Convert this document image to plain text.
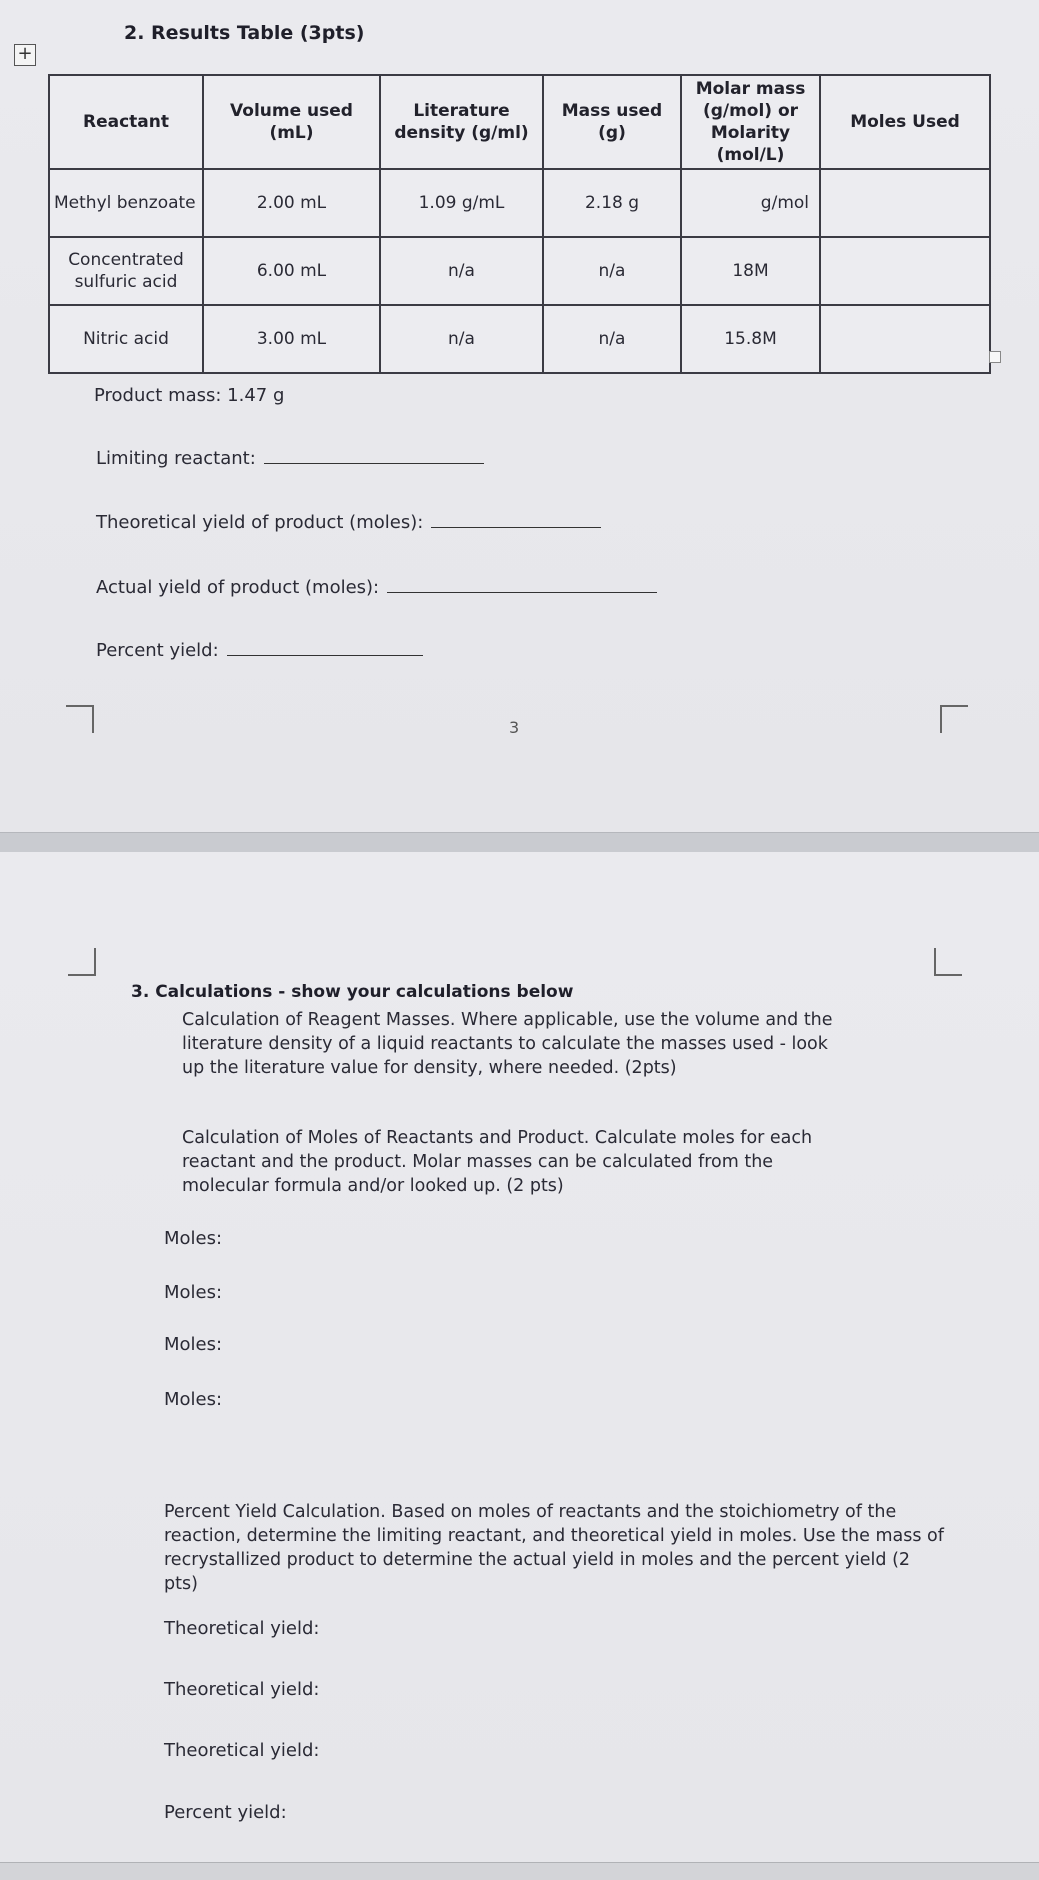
+
2. Results Table (3pts)
Reactant	Volume used (mL)	Literature density (g/ml)	Mass used (g)	Molar mass (g/mol) or Molarity (mol/L)	Moles Used
Methyl benzoate	2.00 mL	1.09 g/mL	2.18 g	g/mol	
Concentrated sulfuric acid	6.00 mL	n/a	n/a	18M	
Nitric acid	3.00 mL	n/a	n/a	15.8M	
Product mass: 1.47 g
Limiting reactant:
Theoretical yield of product (moles):
Actual yield of product (moles):
Percent yield:
3
3. Calculations - show your calculations below
Calculation of Reagent Masses. Where applicable, use the volume and the literature density of a liquid reactants to calculate the masses used - look up the literature value for density, where needed. (2pts)
Calculation of Moles of Reactants and Product. Calculate moles for each reactant and the product. Molar masses can be calculated from the molecular formula and/or looked up. (2 pts)
Moles:
Moles:
Moles:
Moles:
Percent Yield Calculation. Based on moles of reactants and the stoichiometry of the reaction, determine the limiting reactant, and theoretical yield in moles. Use the mass of recrystallized product to determine the actual yield in moles and the percent yield (2 pts)
Theoretical yield:
Theoretical yield:
Theoretical yield:
Percent yield:
